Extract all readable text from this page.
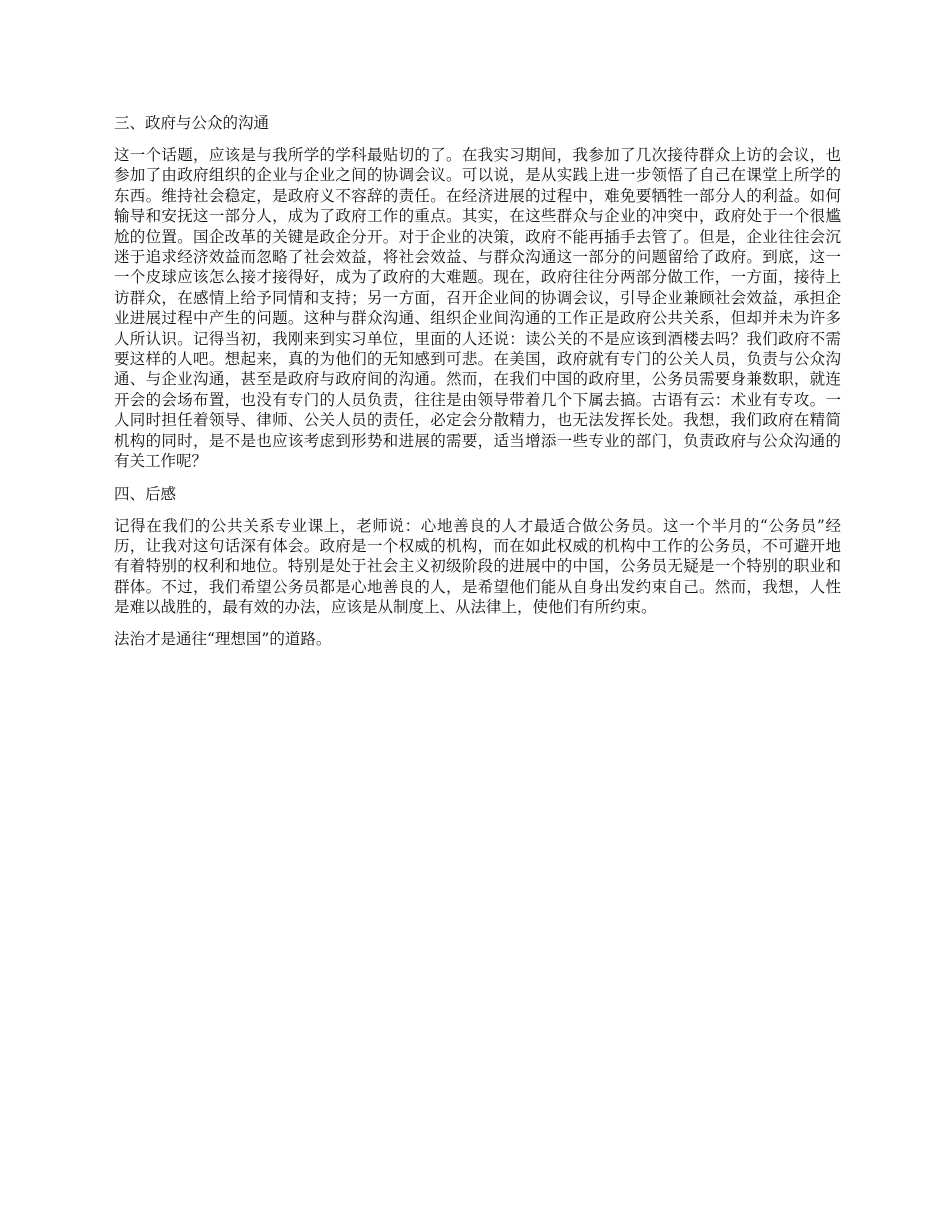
三、政府与公众的沟通
这一个话题，应该是与我所学的学科最贴切的了。在我实习期间，我参加了几次接待群众上访的会议，也参加了由政府组织的企业与企业之间的协调会议。可以说，是从实践上进一步领悟了自己在课堂上所学的东西。维持社会稳定，是政府义不容辞的责任。在经济进展的过程中，难免要牺牲一部分人的利益。如何输导和安抚这一部分人，成为了政府工作的重点。其实，在这些群众与企业的冲突中，政府处于一个很尴尬的位置。国企改革的关键是政企分开。对于企业的决策，政府不能再插手去管了。但是，企业往往会沉迷于追求经济效益而忽略了社会效益，将社会效益、与群众沟通这一部分的问题留给了政府。到底，这一一个皮球应该怎么接才接得好，成为了政府的大难题。现在，政府往往分两部分做工作，一方面，接待上访群众，在感情上给予同情和支持；另一方面，召开企业间的协调会议，引导企业兼顾社会效益，承担企业进展过程中产生的问题。这种与群众沟通、组织企业间沟通的工作正是政府公共关系，但却并未为许多人所认识。记得当初，我刚来到实习单位，里面的人还说：读公关的不是应该到酒楼去吗？我们政府不需要这样的人吧。想起来，真的为他们的无知感到可悲。在美国，政府就有专门的公关人员，负责与公众沟通、与企业沟通，甚至是政府与政府间的沟通。然而，在我们中国的政府里，公务员需要身兼数职，就连开会的会场布置，也没有专门的人员负责，往往是由领导带着几个下属去搞。古语有云：术业有专攻。一人同时担任着领导、律师、公关人员的责任，必定会分散精力，也无法发挥长处。我想，我们政府在精简机构的同时，是不是也应该考虑到形势和进展的需要，适当增添一些专业的部门，负责政府与公众沟通的有关工作呢？
四、后感
记得在我们的公共关系专业课上，老师说：心地善良的人才最适合做公务员。这一个半月的“公务员”经历，让我对这句话深有体会。政府是一个权威的机构，而在如此权威的机构中工作的公务员，不可避开地有着特别的权利和地位。特别是处于社会主义初级阶段的进展中的中国，公务员无疑是一个特别的职业和群体。不过，我们希望公务员都是心地善良的人，是希望他们能从自身出发约束自己。然而，我想，人性是难以战胜的，最有效的办法，应该是从制度上、从法律上，使他们有所约束。
法治才是通往“理想国”的道路。
